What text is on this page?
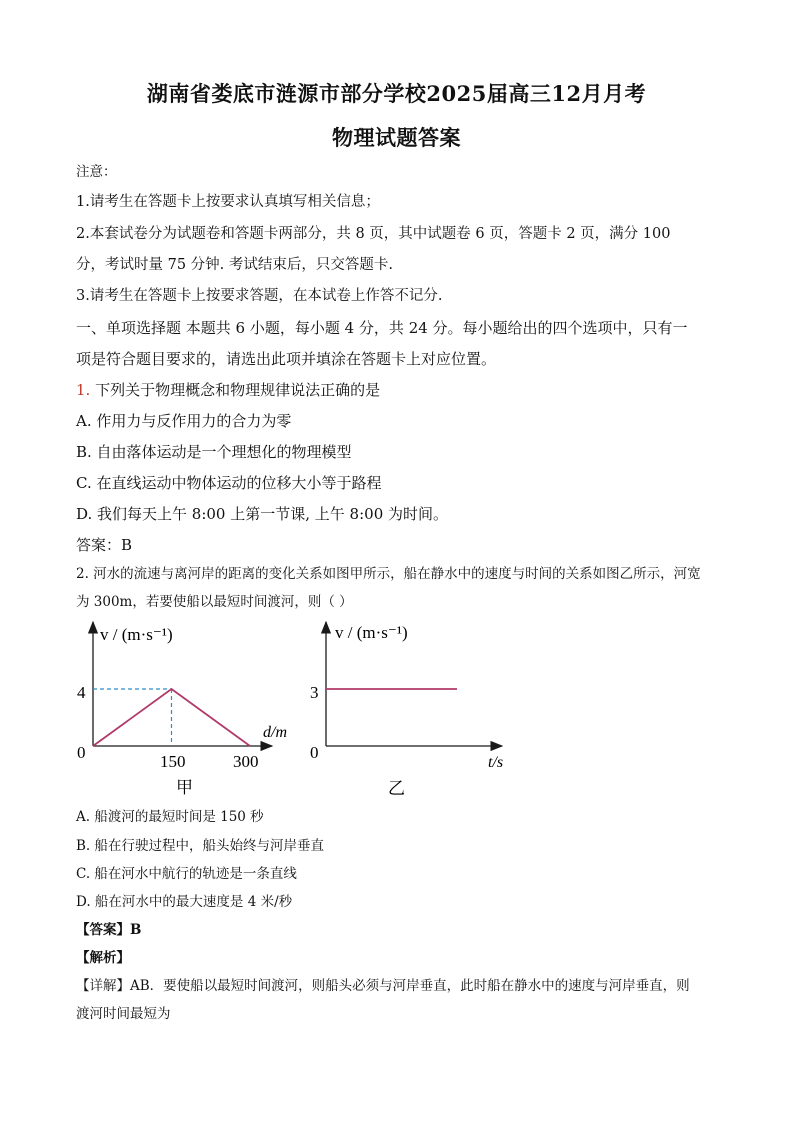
湖南省娄底市涟源市部分学校2025届高三12月月考
物理试题答案
注意：
1.请考生在答题卡上按要求认真填写相关信息；
2.本套试卷分为试题卷和答题卡两部分，共 8 页，其中试题卷 6 页，答题卡 2 页，满分 100
分，考试时量 75 分钟. 考试结束后，只交答题卡.
3.请考生在答题卡上按要求答题，在本试卷上作答不记分.
一、单项选择题 本题共 6 小题，每小题 4 分，共 24 分。每小题给出的四个选项中，只有一
项是符合题目要求的，请选出此项并填涂在答题卡上对应位置。
1. 下列关于物理概念和物理规律说法正确的是
A. 作用力与反作用力的合力为零
B. 自由落体运动是一个理想化的物理模型
C. 在直线运动中物体运动的位移大小等于路程
D. 我们每天上午 8:00 上第一节课, 上午 8:00 为时间。
答案：B
2. 河水的流速与离河岸的距离的变化关系如图甲所示，船在静水中的速度与时间的关系如图乙所示，河宽
为 300m，若要使船以最短时间渡河，则（ ）
v / (m·s⁻¹)
d/m
4
0	150	300
甲
v / (m·s⁻¹)
t/s
3
0
乙
A. 船渡河的最短时间是 150 秒
B. 船在行驶过程中，船头始终与河岸垂直
C. 船在河水中航行的轨迹是一条直线
D. 船在河水中的最大速度是 4 米/秒
【答案】B
【解析】
【详解】AB．要使船以最短时间渡河，则船头必须与河岸垂直，此时船在静水中的速度与河岸垂直，则
渡河时间最短为
